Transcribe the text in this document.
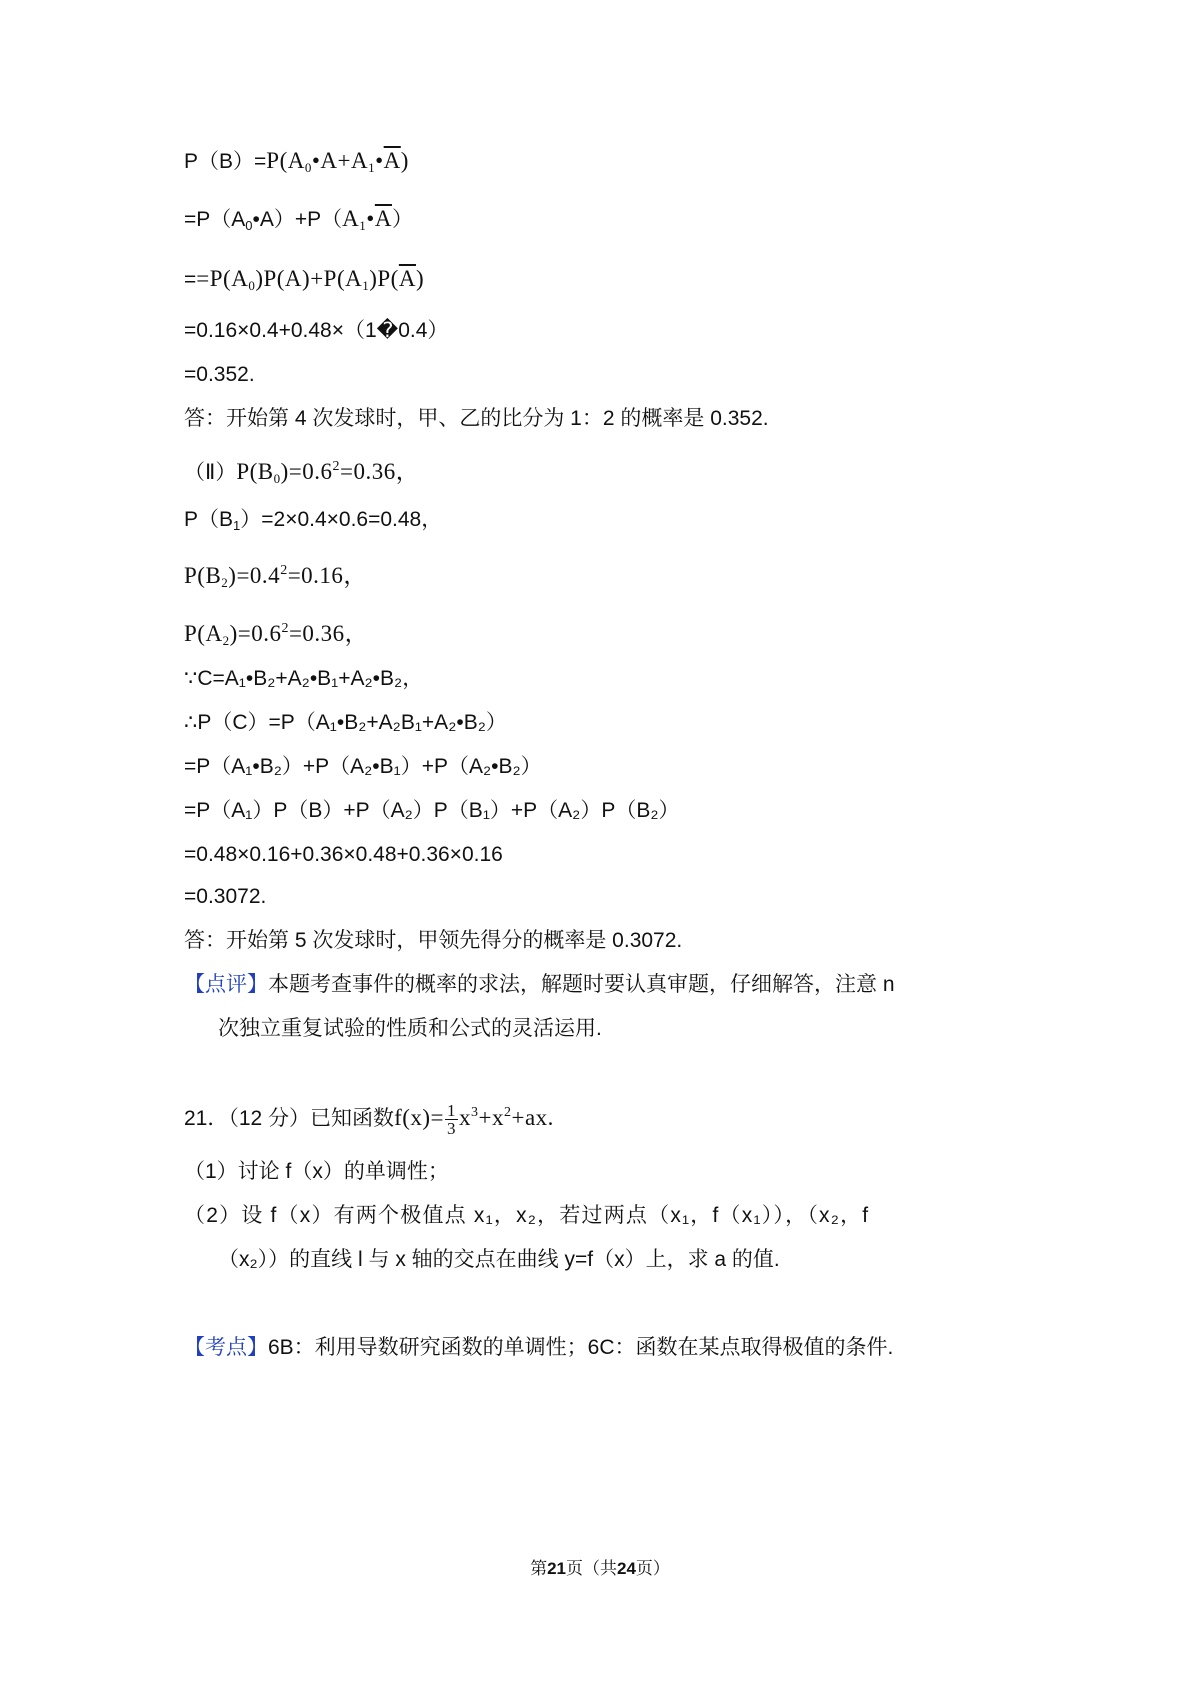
$P(B)=P(A_0•A+A_1•\overline{A})$
$=P(A_0•A)+P(A_1•\overline{A})$
$==P(A_0)P(A)+P(A_1)P(\overline{A})$
=0.16×0.4+0.48×（1�0.4）
=0.352.
答：开始第 4 次发球时，甲、乙的比分为 1：2 的概率是 0.352.
$(Ⅱ)P(B_0)=0.6^2=0.36$，
$P(B_1)=2\times 0.4\times 0.6=0.48$，
$P(B_2)=0.4^2=0.16$，
$P(A_2)=0.6^2=0.36$，
∵C=A₁•B₂+A₂•B₁+A₂•B₂，
∴P（C）=P（A₁•B₂+A₂B₁+A₂•B₂）
=P（A₁•B₂）+P（A₂•B₁）+P（A₂•B₂）
=P（A₁）P（B）+P（A₂）P（B₁）+P（A₂）P（B₂）
=0.48×0.16+0.36×0.48+0.36×0.16
=0.3072.
答：开始第 5 次发球时，甲领先得分的概率是 0.3072.
【点评】本题考查事件的概率的求法，解题时要认真审题，仔细解答，注意 n
次独立重复试验的性质和公式的灵活运用.
21．（12 分）已知函数$f(x)= \frac{1}{3} x^3+x^2+ax$.
（1）讨论 f（x）的单调性；
（2）设 f（x）有两个极值点 x₁，x₂，若过两点（x₁，f（x₁）），（x₂，f
（x₂））的直线 l 与 x 轴的交点在曲线 y=f（x）上，求 a 的值.
【考点】6B：利用导数研究函数的单调性；6C：函数在某点取得极值的条件.
第21页（共24页）
